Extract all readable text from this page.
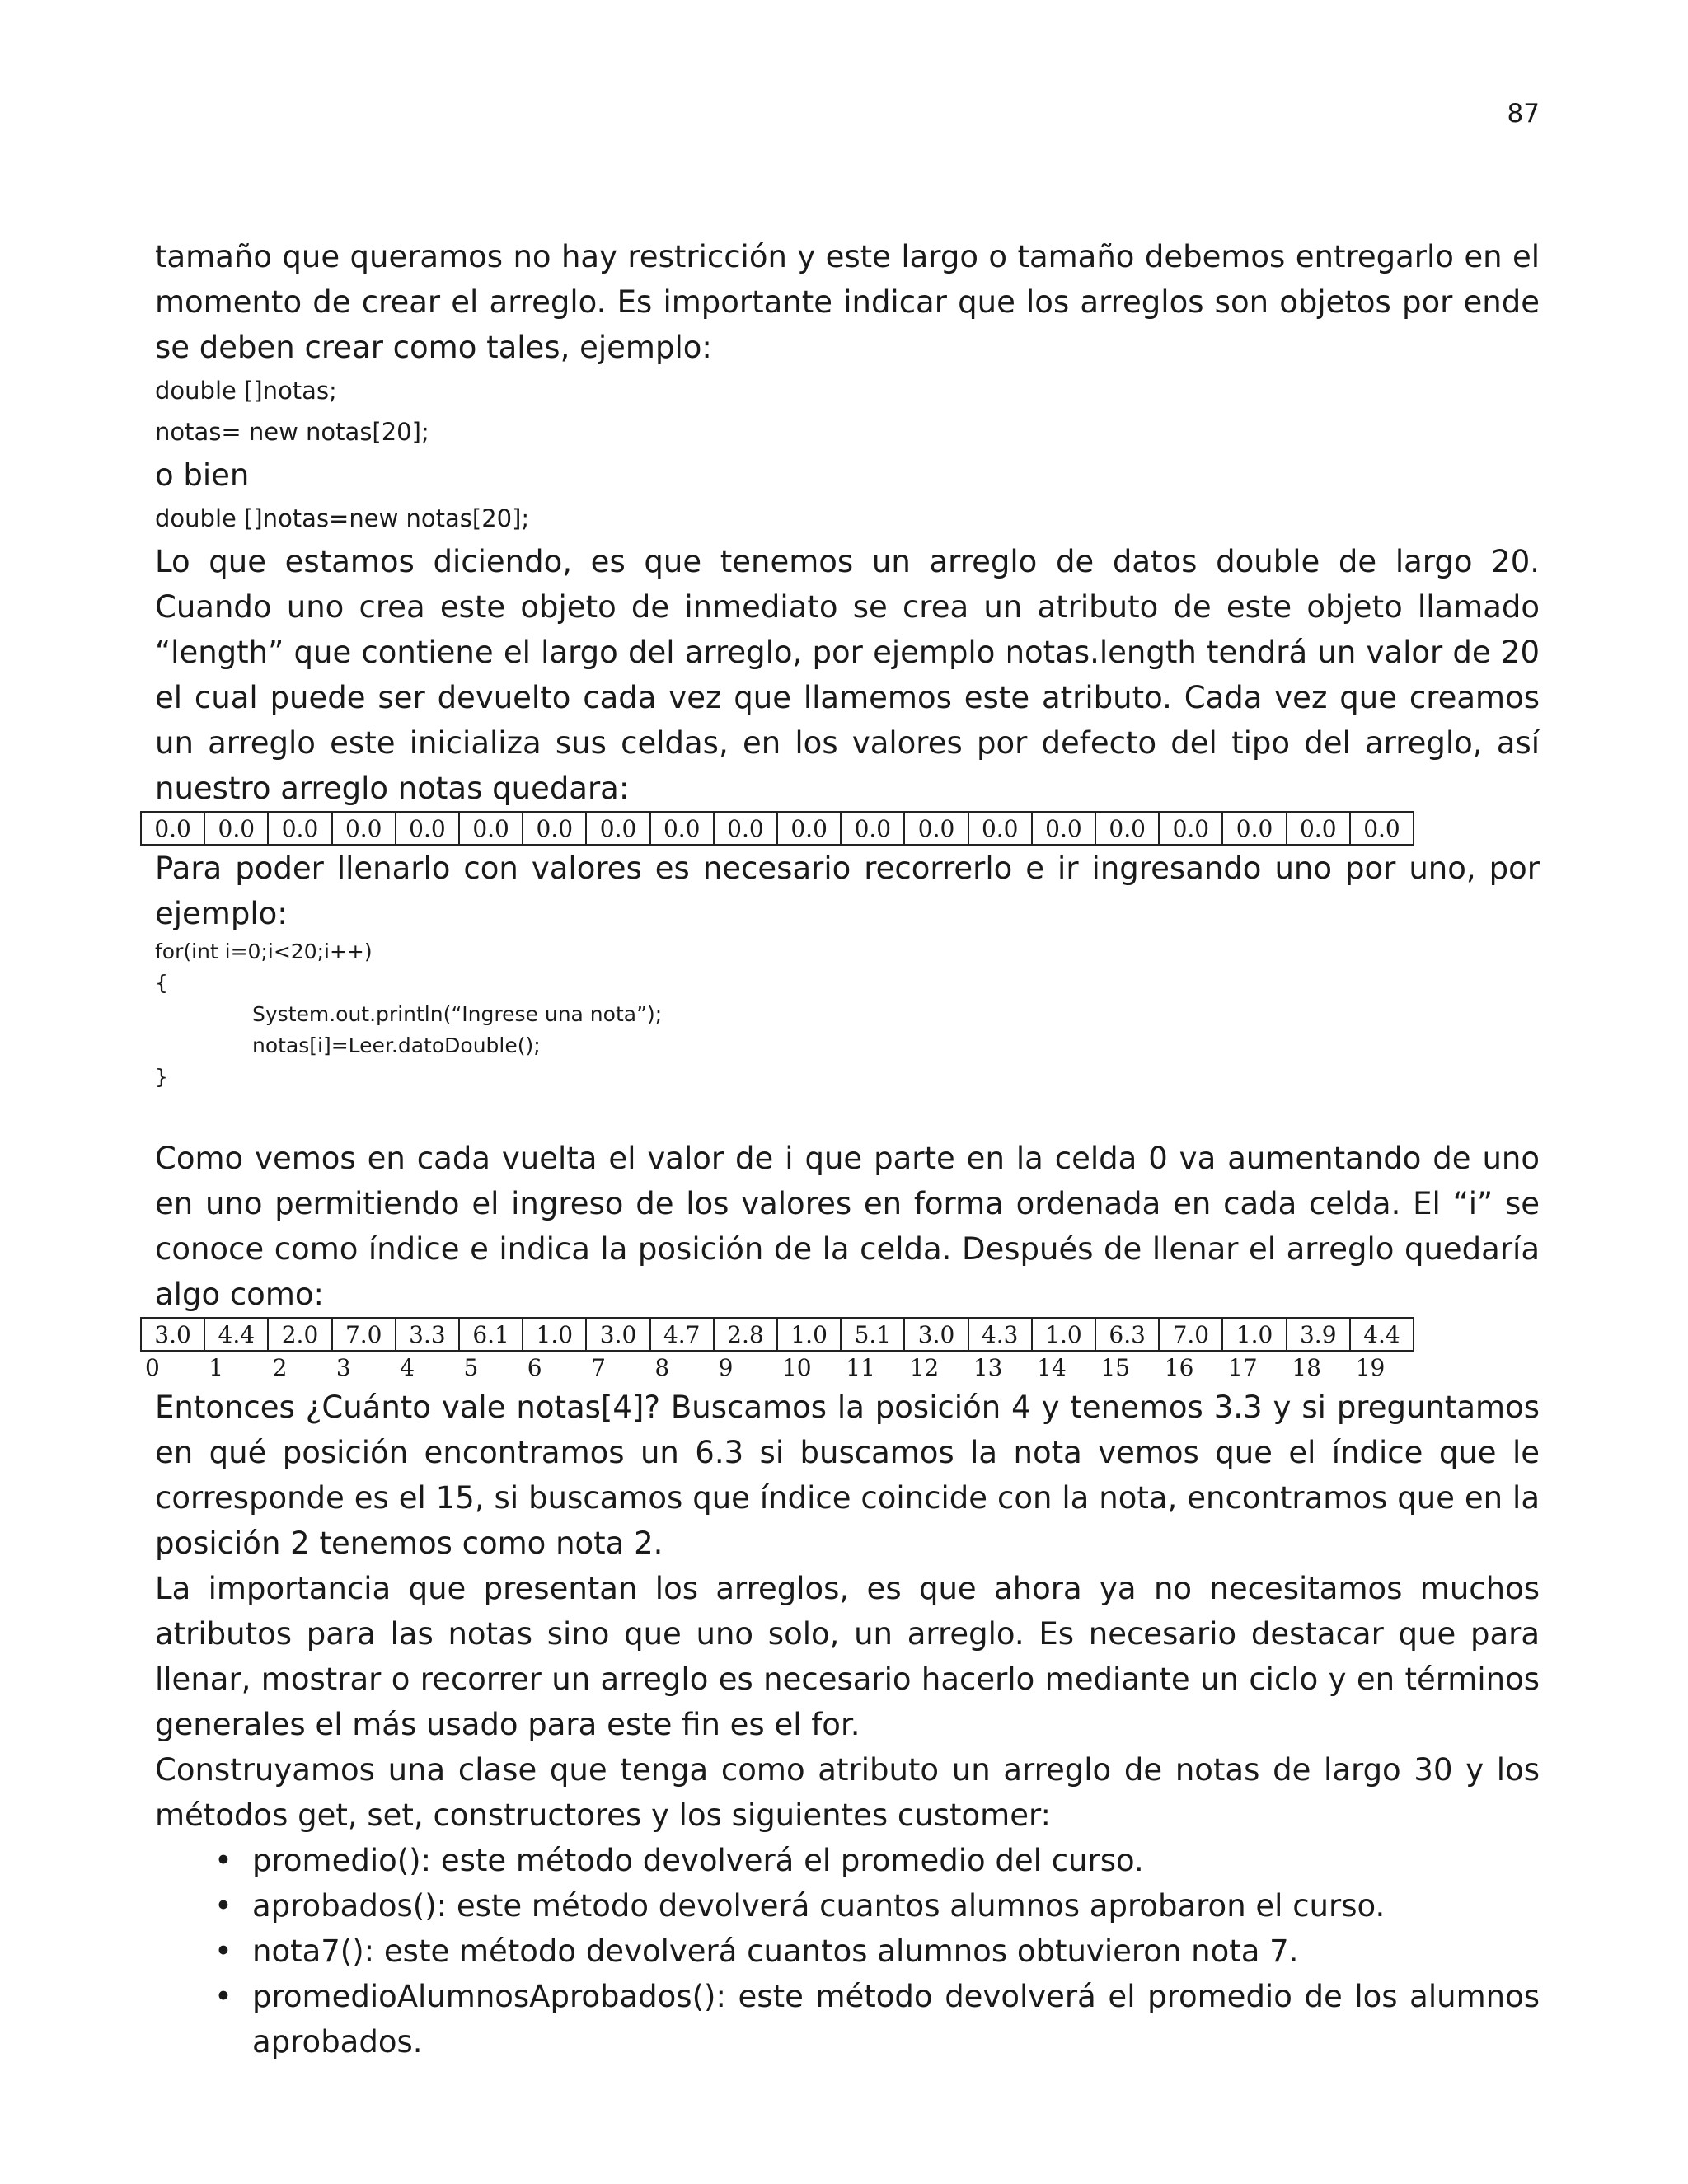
87

tamaño que queramos no hay restricción y este largo o tamaño debemos entregarlo en el momento de crear el arreglo. Es importante indicar que los arreglos son objetos por ende se deben crear como tales, ejemplo:

double []notas;

notas= new notas[20];

o bien

double []notas=new notas[20];

Lo que estamos diciendo, es que tenemos un arreglo de datos double de largo 20. Cuando uno crea este objeto de inmediato se crea un atributo de este objeto llamado “length” que contiene el largo del arreglo, por ejemplo notas.length tendrá un valor de 20 el cual puede ser devuelto cada vez que llamemos este atributo. Cada vez que creamos un arreglo este inicializa sus celdas, en los valores por defecto del tipo del arreglo, así nuestro arreglo notas quedara:

0.0	0.0	0.0	0.0	0.0	0.0	0.0	0.0	0.0	0.0	0.0	0.0	0.0	0.0	0.0	0.0	0.0	0.0	0.0	0.0

Para poder llenarlo con valores es necesario recorrerlo e ir ingresando uno por uno, por ejemplo:

for(int i=0;i<20;i++)

{

System.out.println(“Ingrese una nota”);

notas[i]=Leer.datoDouble();

}

Como vemos en cada vuelta el valor de i que parte en la celda 0 va aumentando de uno en uno permitiendo el ingreso de los valores en forma ordenada en cada celda. El “i” se conoce como índice e indica la posición de la celda. Después de llenar el arreglo quedaría algo como:

3.0	4.4	2.0	7.0	3.3	6.1	1.0	3.0	4.7	2.8	1.0	5.1	3.0	4.3	1.0	6.3	7.0	1.0	3.9	4.4
0	1	2	3	4	5	6	7	8	9	10	11	12	13	14	15	16	17	18	19

Entonces ¿Cuánto vale notas[4]? Buscamos la posición 4 y tenemos 3.3 y si preguntamos en qué posición encontramos un 6.3 si buscamos la nota vemos que el índice que le corresponde es el 15, si buscamos que índice coincide con la nota, encontramos que en la posición 2 tenemos como nota 2.

La importancia que presentan los arreglos, es que ahora ya no necesitamos muchos atributos para las notas sino que uno solo, un arreglo. Es necesario destacar que para llenar, mostrar o recorrer un arreglo es necesario hacerlo mediante un ciclo y en términos generales el más usado para este fin es el for.

Construyamos una clase que tenga como atributo un arreglo de notas de largo 30 y los métodos get, set, constructores y los siguientes customer:

• promedio(): este método devolverá el promedio del curso.
• aprobados(): este método devolverá cuantos alumnos aprobaron el curso.
• nota7(): este método devolverá cuantos alumnos obtuvieron nota 7.
• promedioAlumnosAprobados(): este método devolverá el promedio de los alumnos aprobados.
